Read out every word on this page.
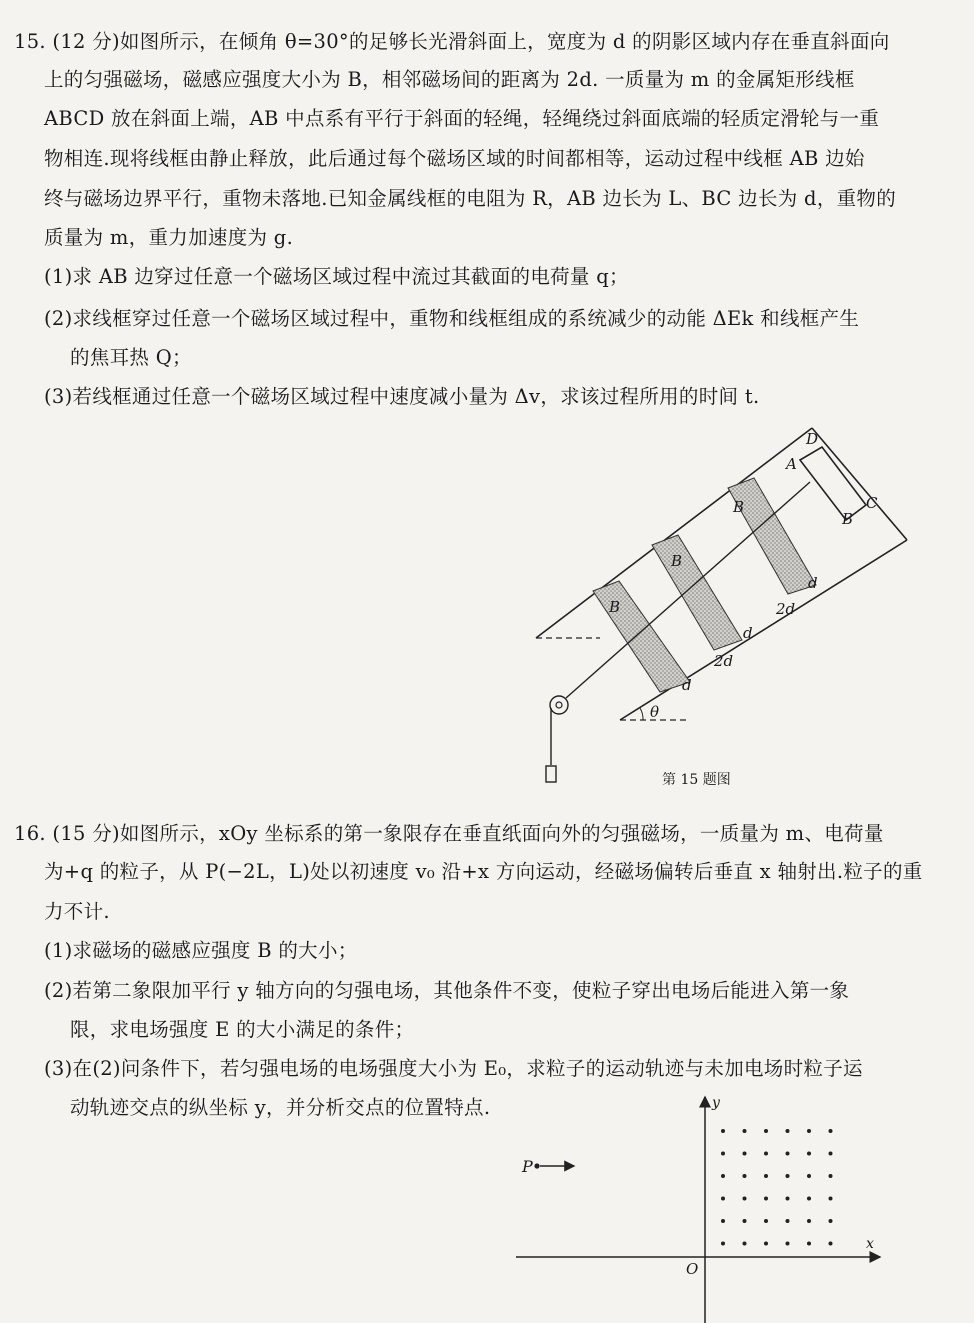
15. (12 分)如图所示，在倾角 θ=30°的足够长光滑斜面上，宽度为 d 的阴影区域内存在垂直斜面向
上的匀强磁场，磁感应强度大小为 B，相邻磁场间的距离为 2d. 一质量为 m 的金属矩形线框
ABCD 放在斜面上端，AB 中点系有平行于斜面的轻绳，轻绳绕过斜面底端的轻质定滑轮与一重
物相连.现将线框由静止释放，此后通过每个磁场区域的时间都相等，运动过程中线框 AB 边始
终与磁场边界平行，重物未落地.已知金属线框的电阻为 R，AB 边长为 L、BC 边长为 d，重物的
质量为 m，重力加速度为 g.
(1)求 AB 边穿过任意一个磁场区域过程中流过其截面的电荷量 q；
(2)求线框穿过任意一个磁场区域过程中，重物和线框组成的系统减少的动能 ΔEk 和线框产生
的焦耳热 Q；
(3)若线框通过任意一个磁场区域过程中速度减小量为 Δv，求该过程所用的时间 t.
D
A
C
B
B
B
B
d
2d
d
2d
d
θ
第 15 题图
16. (15 分)如图所示，xOy 坐标系的第一象限存在垂直纸面向外的匀强磁场，一质量为 m、电荷量
为+q 的粒子，从 P(−2L，L)处以初速度 v₀ 沿+x 方向运动，经磁场偏转后垂直 x 轴射出.粒子的重
力不计.
(1)求磁场的磁感应强度 B 的大小；
(2)若第二象限加平行 y 轴方向的匀强电场，其他条件不变，使粒子穿出电场后能进入第一象
限，求电场强度 E 的大小满足的条件；
(3)在(2)问条件下，若匀强电场的电场强度大小为 E₀，求粒子的运动轨迹与未加电场时粒子运
动轨迹交点的纵坐标 y，并分析交点的位置特点.
P
y
x
O
